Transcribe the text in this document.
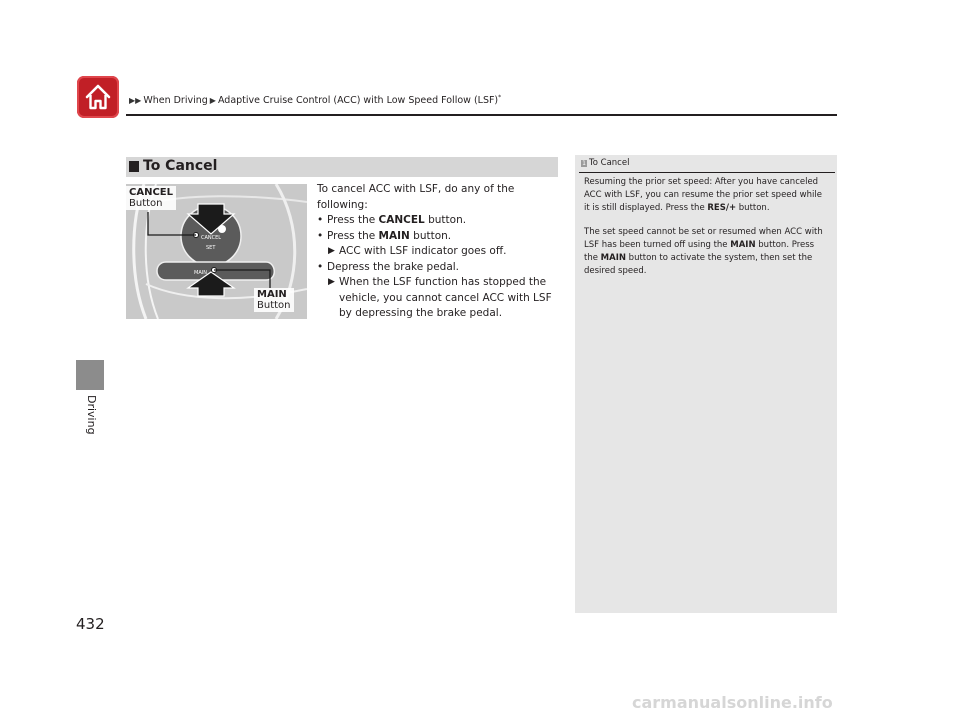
▶▶ When Driving ▶ Adaptive Cruise Control (ACC) with Low Speed Follow (LSF)*
Driving
432
To Cancel
CANCEL
SET
MAIN
CANCEL
Button
MAIN
Button

To cancel ACC with LSF, do any of the following:

• Press the CANCEL button.

• Press the MAIN button.

▶ ACC with LSF indicator goes off.

• Depress the brake pedal.

▶ When the LSF function has stopped the vehicle, you cannot cancel ACC with LSF by depressing the brake pedal.

1 To Cancel

Resuming the prior set speed: After you have canceled ACC with LSF, you can resume the prior set speed while it is still displayed. Press the RES/+ button.

The set speed cannot be set or resumed when ACC with LSF has been turned off using the MAIN button. Press the MAIN button to activate the system, then set the desired speed.

carmanualsonline.info
